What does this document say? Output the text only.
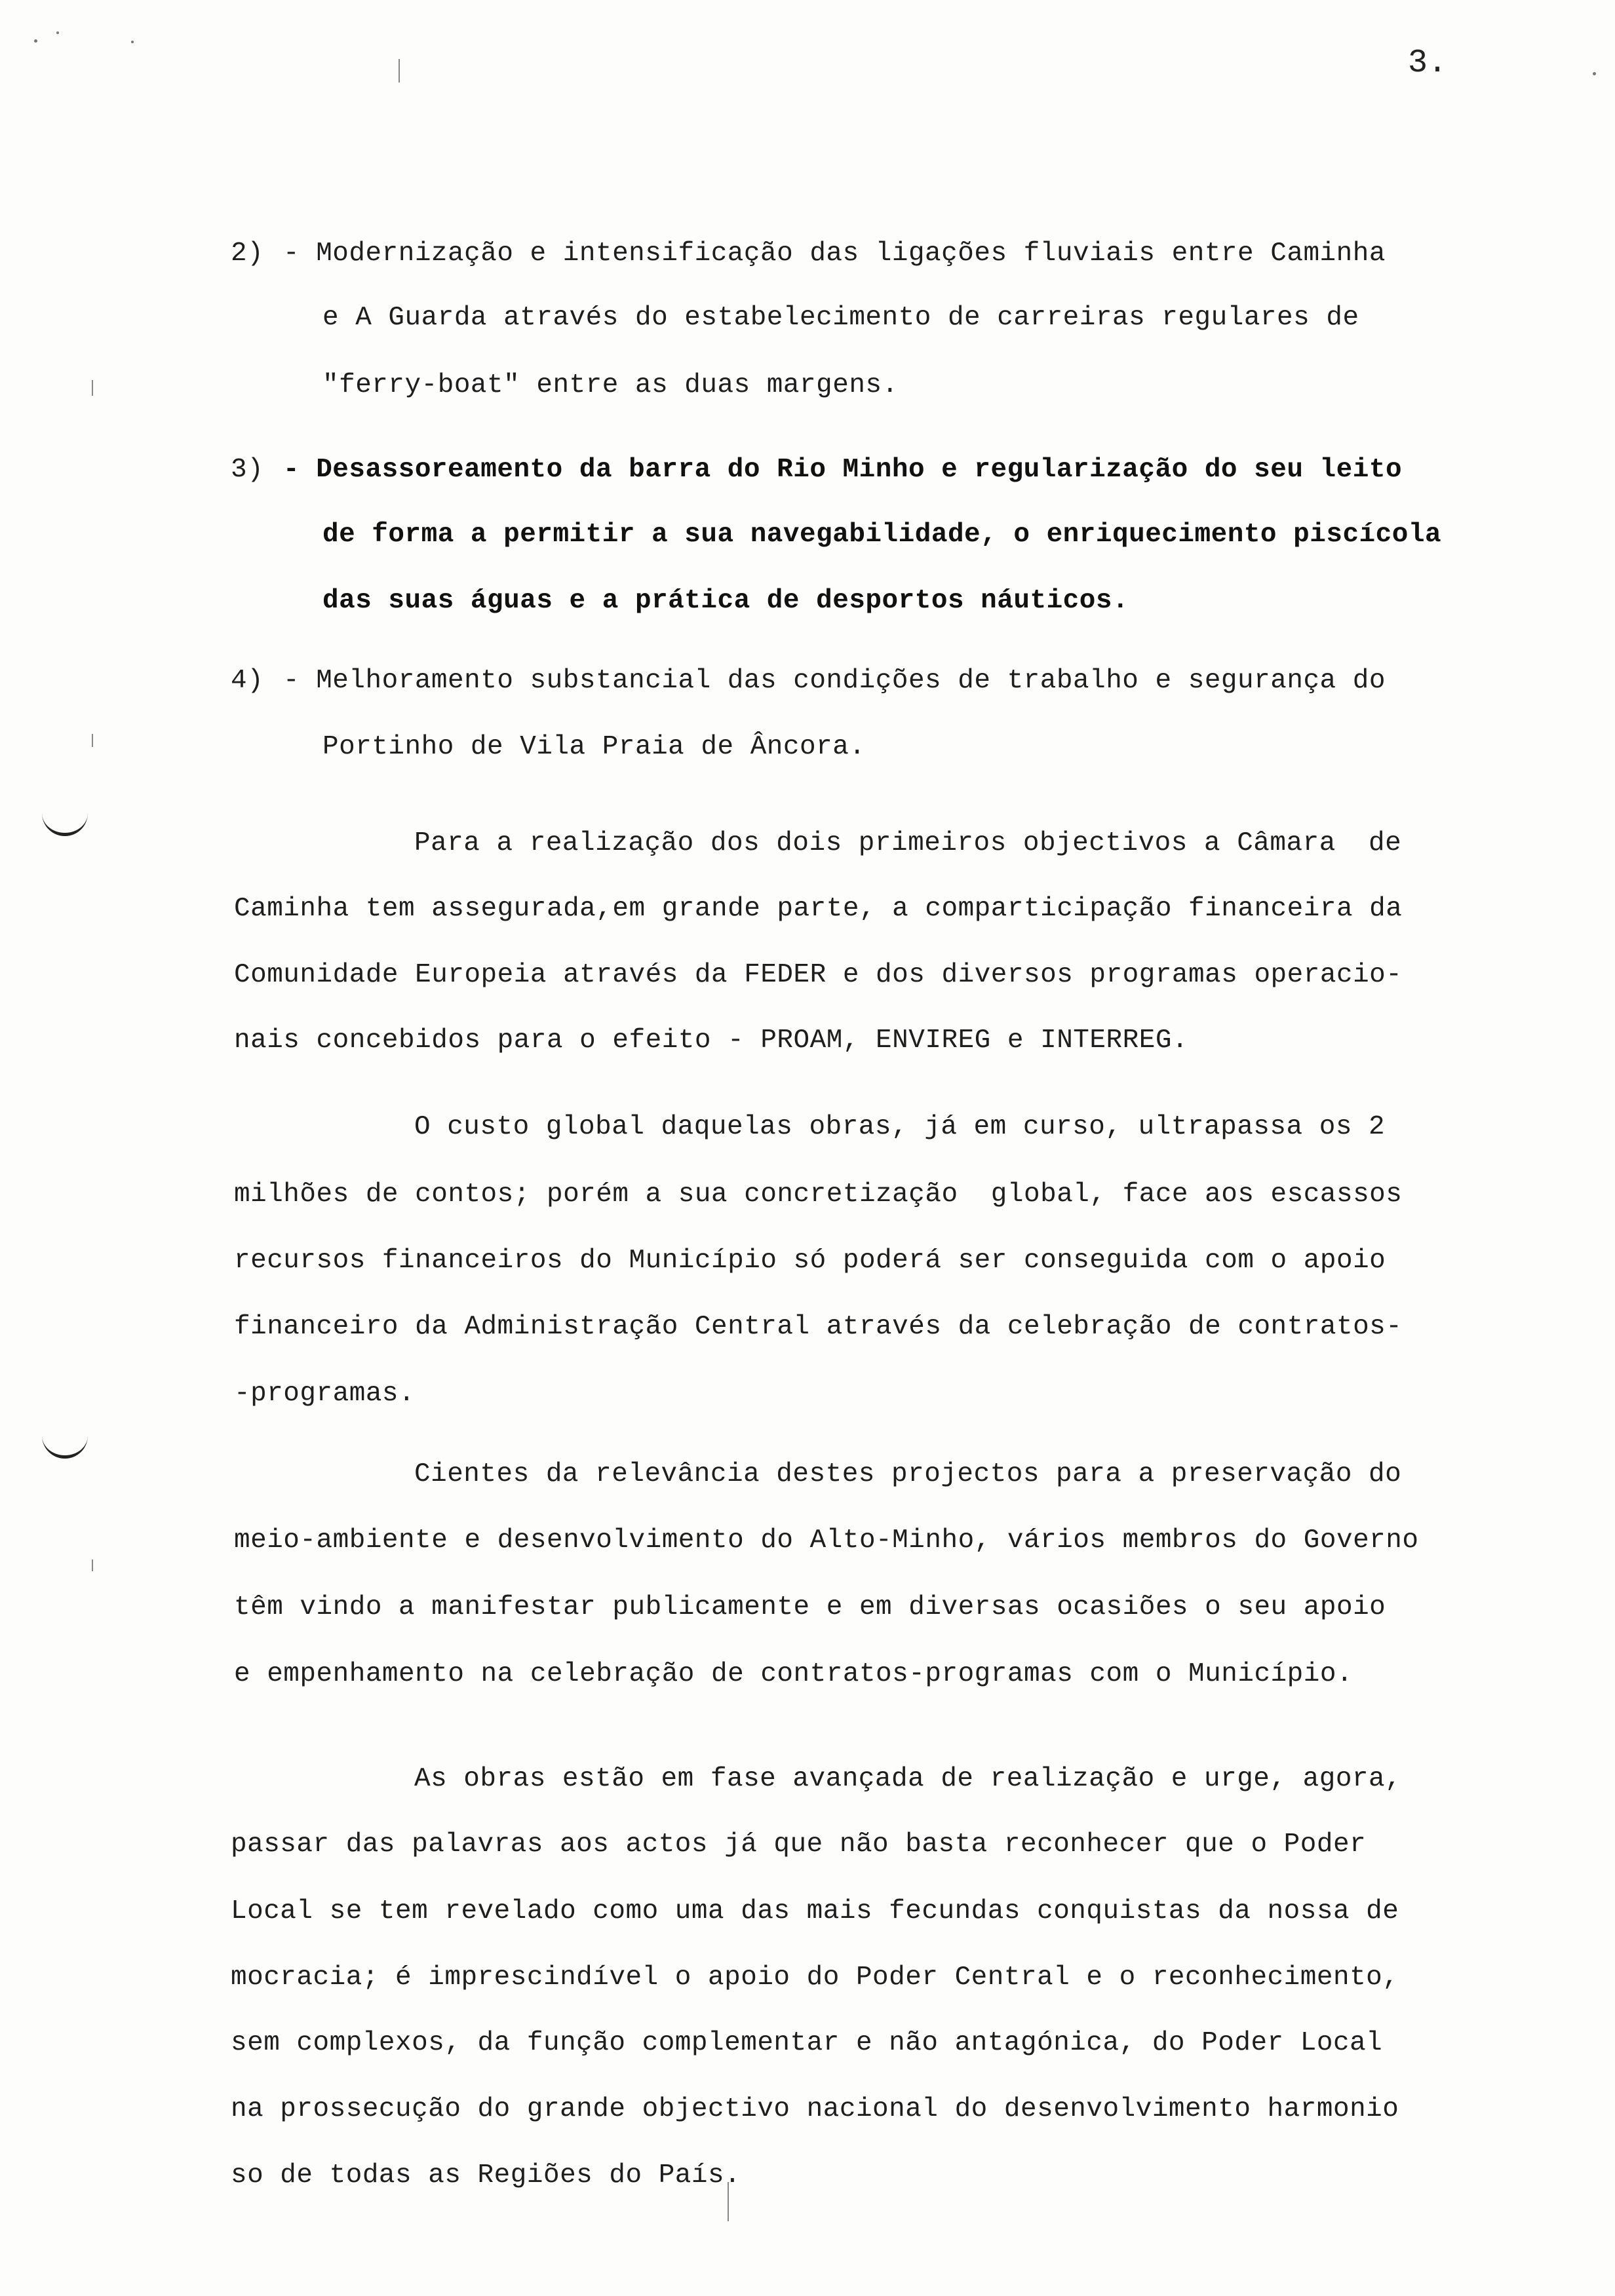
3.
2) - Modernização e intensificação das ligações fluviais entre Caminha
e A Guarda através do estabelecimento de carreiras regulares de
"ferry-boat" entre as duas margens.
3) - Desassoreamento da barra do Rio Minho e regularização do seu leito
de forma a permitir a sua navegabilidade, o enriquecimento piscícola
das suas águas e a prática de desportos náuticos.
4) - Melhoramento substancial das condições de trabalho e segurança do
Portinho de Vila Praia de Âncora.
Para a realização dos dois primeiros objectivos a Câmara  de
Caminha tem assegurada,em grande parte, a comparticipação financeira da
Comunidade Europeia através da FEDER e dos diversos programas operacio-
nais concebidos para o efeito - PROAM, ENVIREG e INTERREG.
O custo global daquelas obras, já em curso, ultrapassa os 2
milhões de contos; porém a sua concretização  global, face aos escassos
recursos financeiros do Município só poderá ser conseguida com o apoio
financeiro da Administração Central através da celebração de contratos-
-programas.
Cientes da relevância destes projectos para a preservação do
meio-ambiente e desenvolvimento do Alto-Minho, vários membros do Governo
têm vindo a manifestar publicamente e em diversas ocasiões o seu apoio
e empenhamento na celebração de contratos-programas com o Município.
As obras estão em fase avançada de realização e urge, agora,
passar das palavras aos actos já que não basta reconhecer que o Poder
Local se tem revelado como uma das mais fecundas conquistas da nossa de
mocracia; é imprescindível o apoio do Poder Central e o reconhecimento,
sem complexos, da função complementar e não antagónica, do Poder Local
na prossecução do grande objectivo nacional do desenvolvimento harmonio
so de todas as Regiões do País.
